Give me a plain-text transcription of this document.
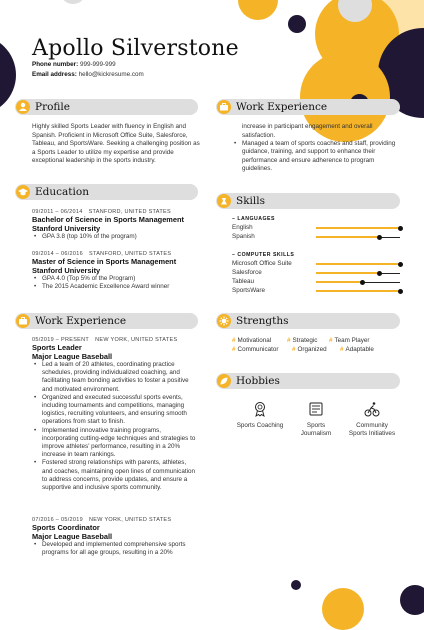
Apollo Silverstone
Phone number: 999-999-999
Email address: hello@kickresume.com
Profile
Highly skilled Sports Leader with fluency in English and Spanish. Proficient in Microsoft Office Suite, Salesforce, Tableau, and SportsWare. Seeking a challenging position as a Sports Leader to utilize my expertise and provide exceptional leadership in the sports industry.
Education
09/2011 – 06/2014 STANFORD, UNITED STATES
Bachelor of Science in Sports Management
Stanford University
• GPA 3.8 (top 10% of the program)
09/2014 – 06/2016 STANFORD, UNITED STATES
Master of Science in Sports Management
Stanford University
• GPA 4.0 (Top 5% of the Program)
• The 2015 Academic Excellence Award winner
Work Experience
05/2019 – PRESENT NEW YORK, UNITED STATES
Sports Leader
Major League Baseball
• Led a team of 20 athletes, coordinating practice schedules, providing individualized coaching, and facilitating team bonding activities to foster a positive and motivated environment.
• Organized and executed successful sports events, including tournaments and competitions, managing logistics, recruiting volunteers, and ensuring smooth operations from start to finish.
• Implemented innovative training programs, incorporating cutting-edge techniques and strategies to improve athletes' performance, resulting in a 20% increase in team rankings.
• Fostered strong relationships with parents, athletes, and coaches, maintaining open lines of communication to address concerns, provide updates, and ensure a supportive and inclusive sports community.
07/2016 – 05/2019 NEW YORK, UNITED STATES
Sports Coordinator
Major League Baseball
• Developed and implemented comprehensive sports programs for all age groups, resulting in a 20%
Work Experience
increase in participant engagement and overall satisfaction.
• Managed a team of sports coaches and staff, providing guidance, training, and support to enhance their performance and ensure adherence to program guidelines.
Skills
– LANGUAGES
English
Spanish
– COMPUTER SKILLS
Microsoft Office Suite
Salesforce
Tableau
SportsWare
Strengths
# Motivational	# Strategic # Team Player
# Communicator # Organized # Adaptable
Hobbies
Sports Coaching	Sports
Journalism
Community
Sports Initiatives
